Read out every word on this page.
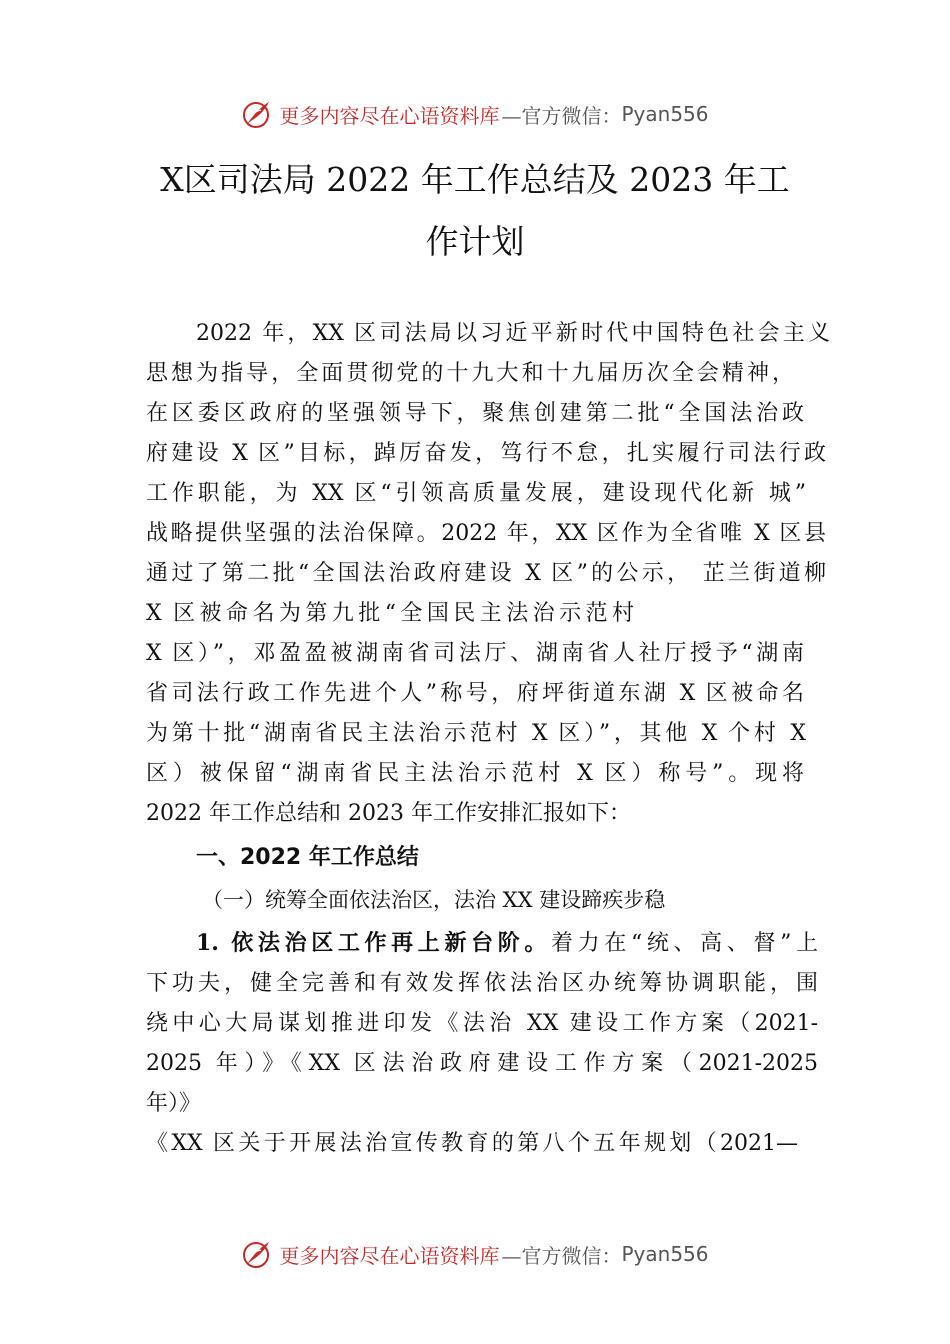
更多内容尽在心语资料库 —官方微信： Pyan556
X区司法局 2022 年工作总结及 2023 年工
作计划
2022 年，XX 区司法局以习近平新时代中国特色社会主义
思想为指导，全面贯彻党的十九大和十九届历次全会精神，
在区委区政府的坚强领导下，聚焦创建第二批“全国法治政
府建设 X 区”目标，踔厉奋发，笃行不怠，扎实履行司法行政
工作职能，为 XX 区“引领高质量发展，建设现代化新 城”
战略提供坚强的法治保障。2022 年，XX 区作为全省唯 X 区县
通过了第二批“全国法治政府建设 X 区”的公示， 芷兰街道柳
X 区被命名为第九批“全国民主法治示范村
X 区）”，邓盈盈被湖南省司法厅、湖南省人社厅授予“湖南
省司法行政工作先进个人”称号，府坪街道东湖 X 区被命名
为第十批“湖南省民主法治示范村 X 区）”，其他 X 个村 X
区）被保留“湖南省民主法治示范村 X 区）称号”。现将
2022 年工作总结和 2023 年工作安排汇报如下：
一、2022 年工作总结
（一）统筹全面依法治区，法治 XX 建设蹄疾步稳
1. 依法治区工作再上新台阶。着力在“统、高、督”上
下功夫，健全完善和有效发挥依法治区办统筹协调职能，围
绕中心大局谋划推进印发《法治 XX 建设工作方案（2021-
2025 年）》《XX 区法治政府建设工作方案（2021-2025
年）》
《XX 区关于开展法治宣传教育的第八个五年规划（2021—
更多内容尽在心语资料库 —官方微信： Pyan556
